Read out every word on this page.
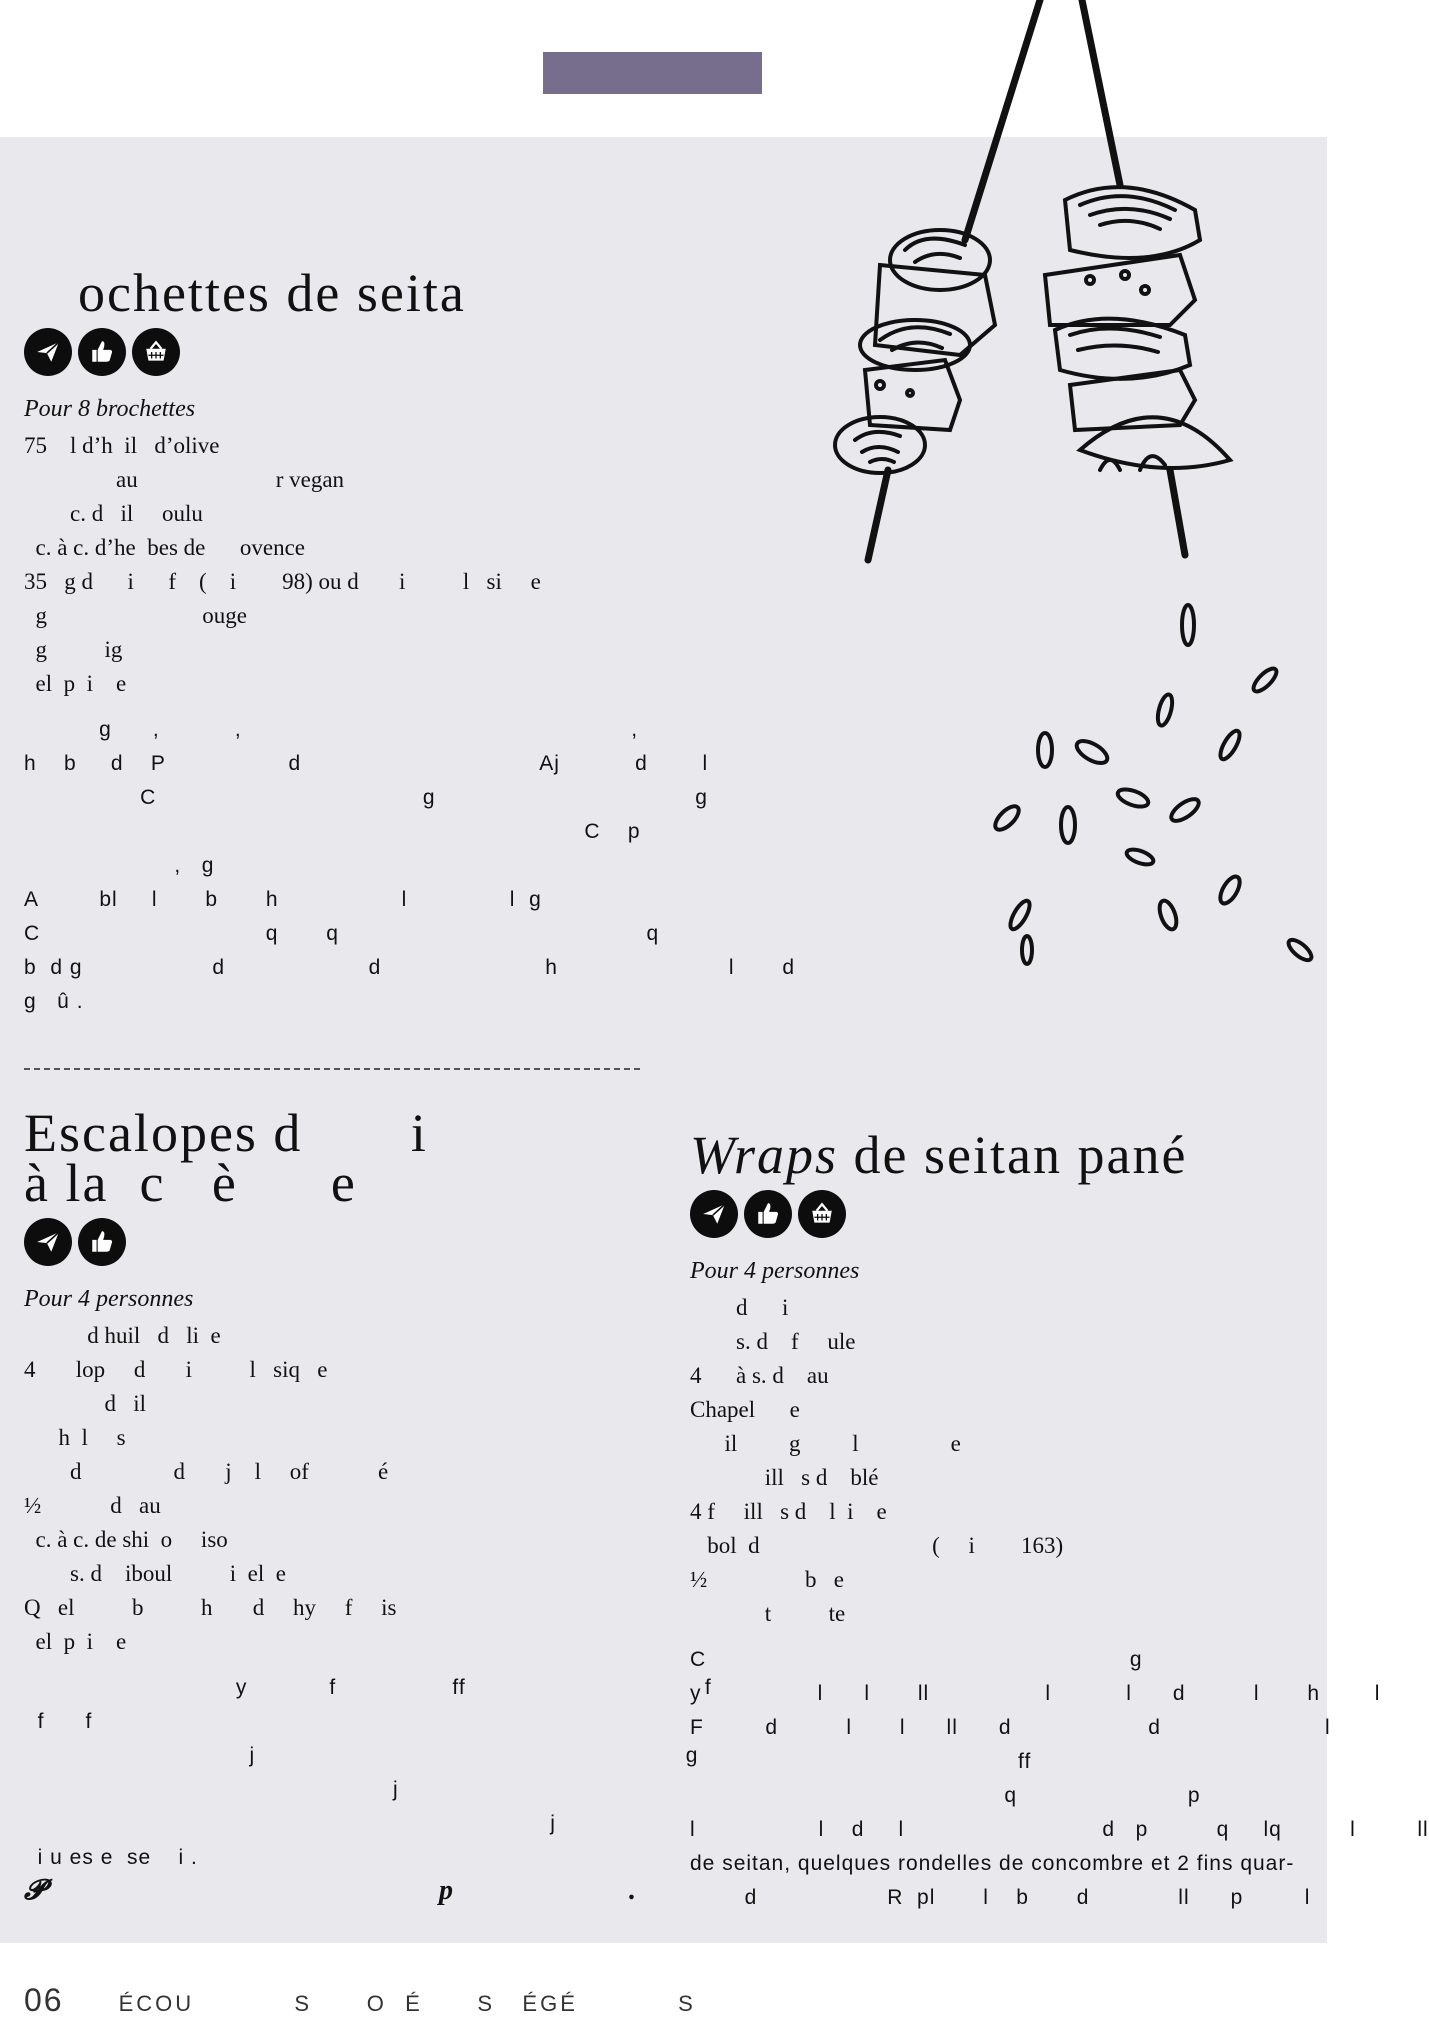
ochettes de seita
Pour 8 brochettes
75    l d’h  il   d’olive
au                        r vegan
c. d   il     oulu
c. à c. d’he  bes de      ovence
35   g d      i      f    (    i        98) ou d       i          l   si     e
g                           ouge
g          ig
el  p  i    e

g      ,           ,                                                         ,

h    b     d    P                  d                                   Aj           d        l

C                                       g                                      g

C    p

,   g

A         bl     l       b       h                  l               l  g

C                                 q       q                                             q

b  d g                   d                     d                        h                         l       d

g   û .

Escalopes d       i
à la  c   è      e
Pour 4 personnes
d huil   d   li  e
4       lop     d       i          l   siq   e
d   il
h  l     s
d                d       j    l     of            é
½            d   au
c. à c. de shi  o     iso
s. d    iboul          i  el  e
Q   el          b          h       d     hy     f     is
el  p  i    e

y            f                 ff                                   f

f      f

j                                                               g

j

j

i u es e  se    i .

𝓟	p	.
Wraps de seitan pané
Pour 4 personnes
d      i
s. d    f     ule
4      à s. d    au
Chapel      e
il         g         l                e
ill   s d    blé
4 f     ill   s d    l  i    e
bol  d                              (     i        163)
½                 b   e
t          te

C                                                              g

y                 l      l       ll                 l           l      d          l       h        l

F         d          l       l      ll      d                    d                        l

ff

q                         p

l                  l    d     l                             d   p          q     lq          l         ll

de seitan, quelques rondelles de concombre et 2 fins quar-

d                   R  pl       l    b       d             ll      p         l

06	ÉCOU           S      O  É      S   ÉGÉ           S
